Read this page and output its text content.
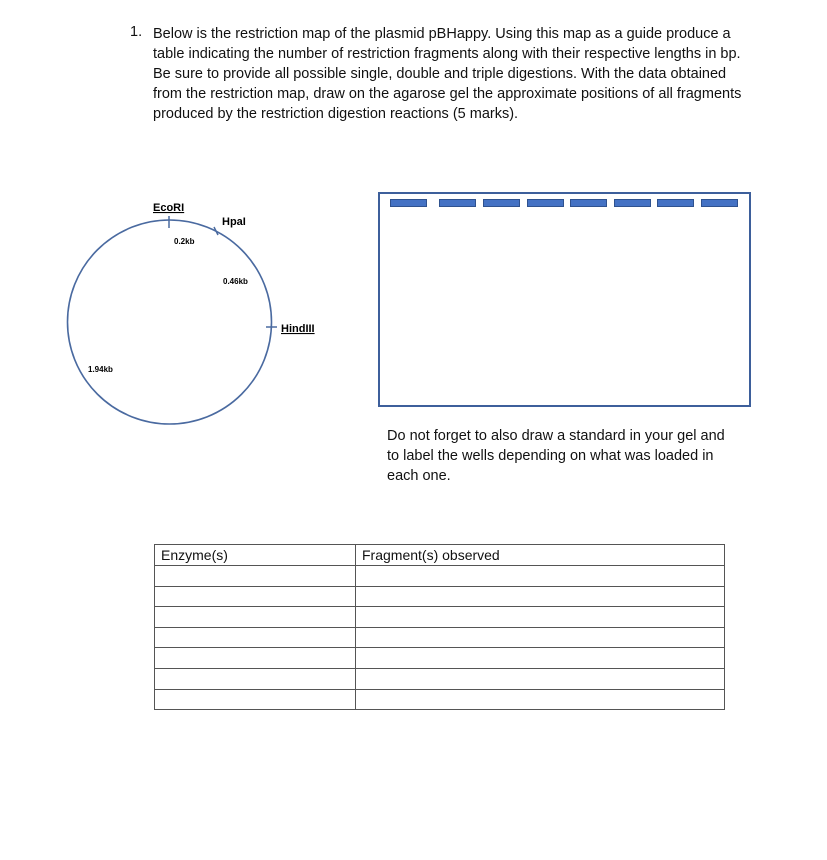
1. Below is the restriction map of the plasmid pBHappy. Using this map as a guide produce a table indicating the number of restriction fragments along with their respective lengths in bp. Be sure to provide all possible single, double and triple digestions. With the data obtained from the restriction map, draw on the agarose gel the approximate positions of all fragments produced by the restriction digestion reactions (5 marks).
EcoRI
HpaI
HindIII
0.2kb
0.46kb
1.94kb
Do not forget to also draw a standard in your gel and to label the wells depending on what was loaded in each one.
Enzyme(s)	Fragment(s) observed
